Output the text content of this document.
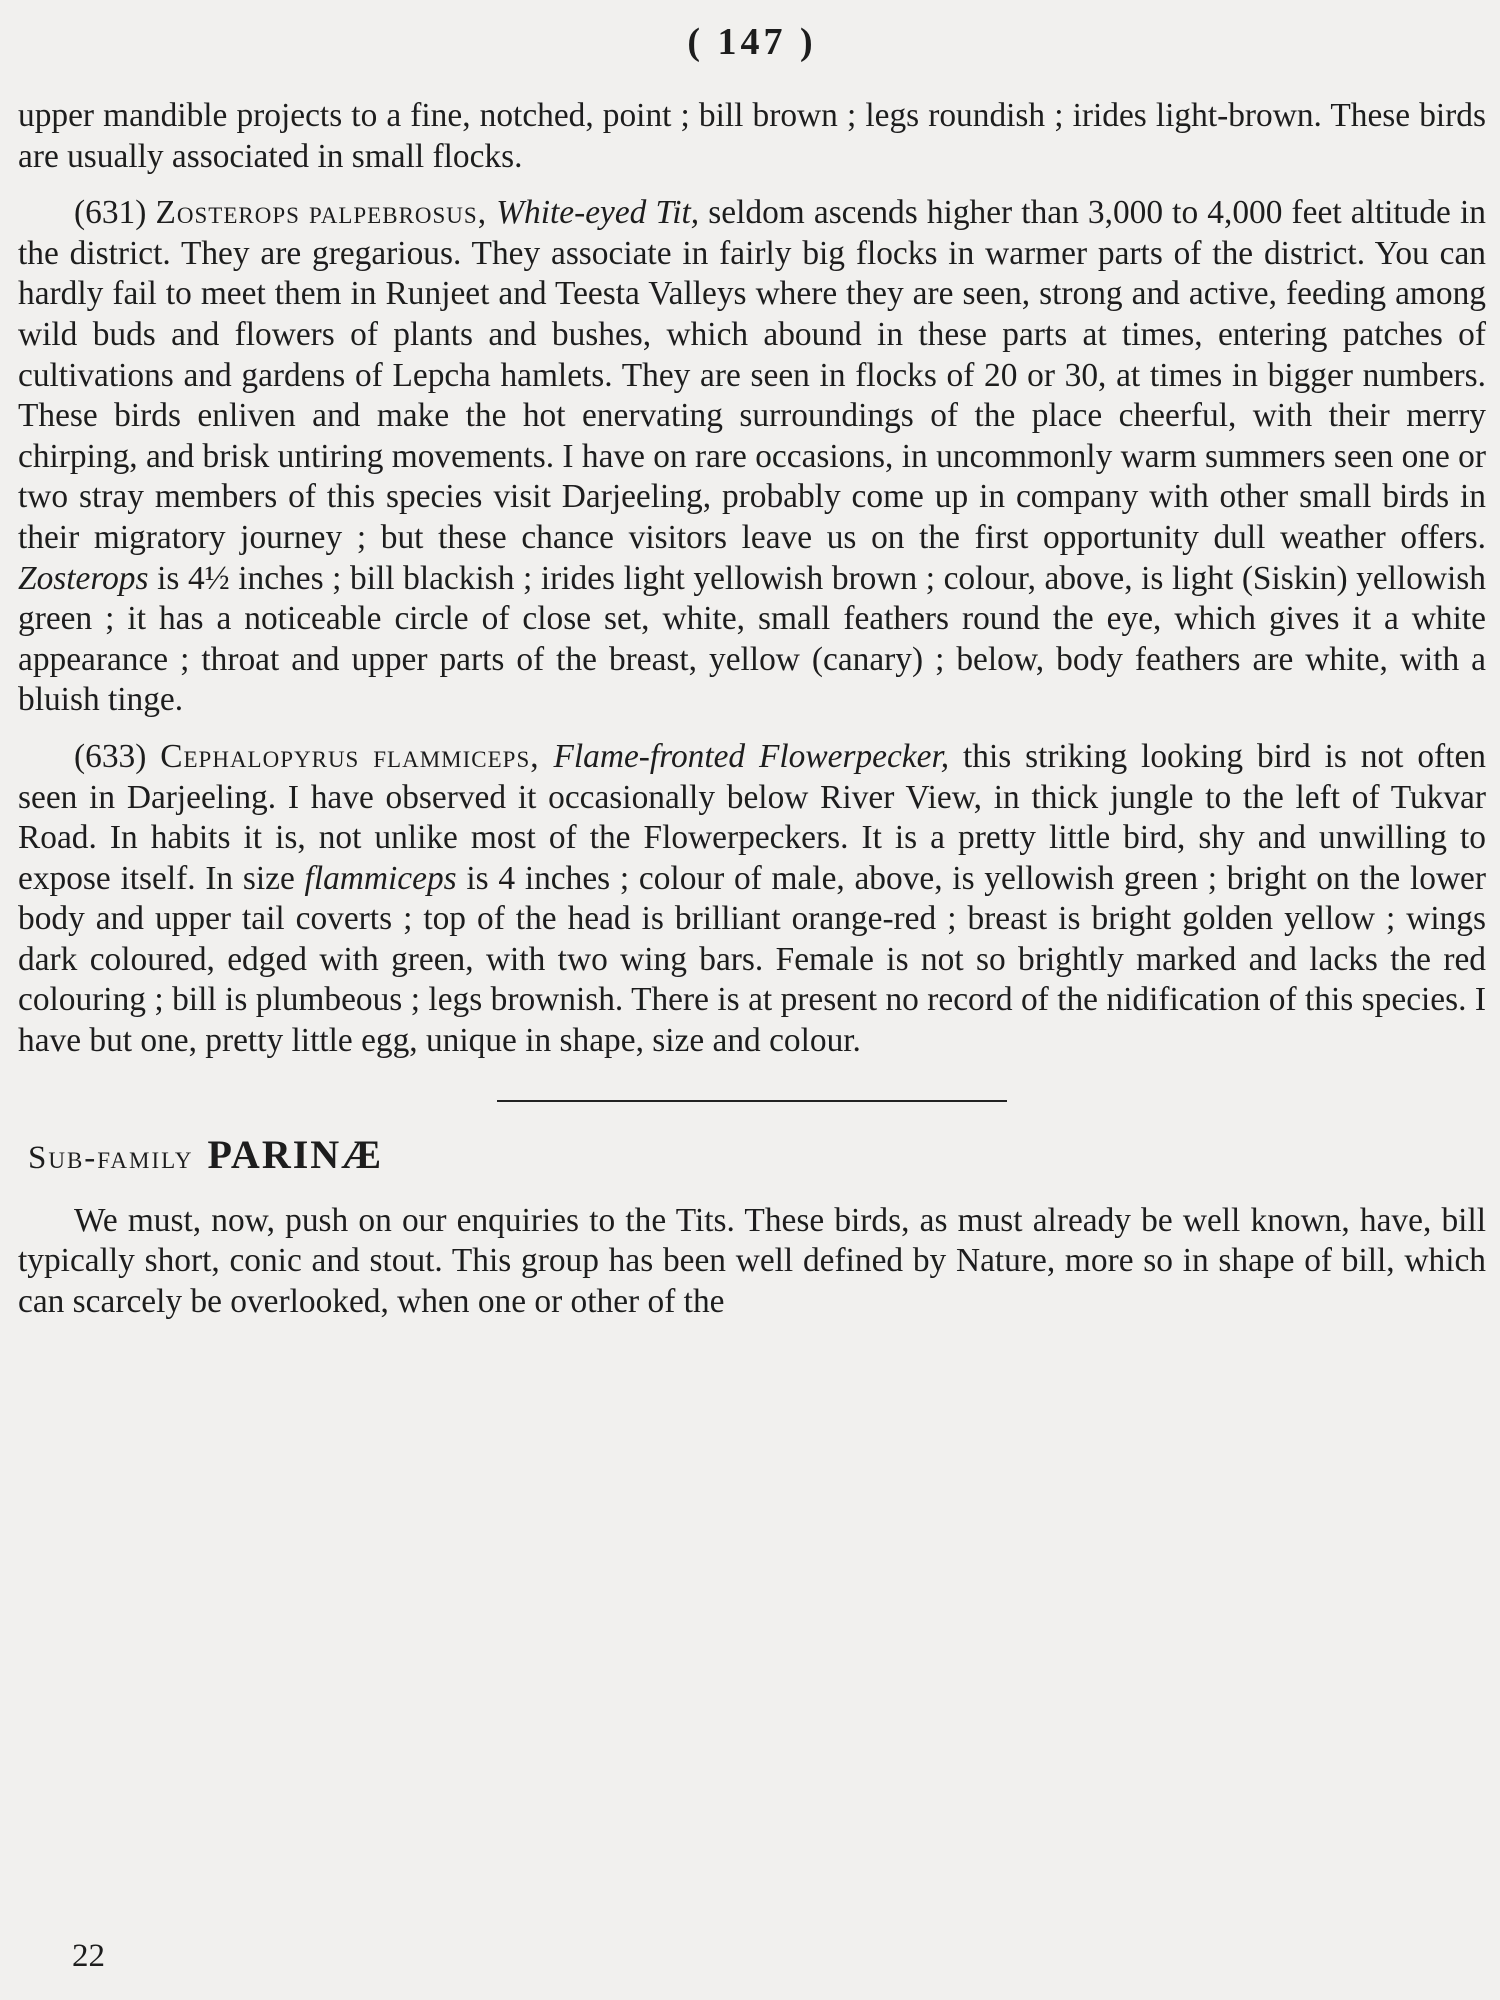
( 147 )

upper mandible projects to a fine, notched, point ; bill brown ; legs roundish ; irides light-brown. These birds are usually associated in small flocks.

(631) Zosterops palpebrosus, White-eyed Tit, seldom ascends higher than 3,000 to 4,000 feet altitude in the district. They are gregarious. They associate in fairly big flocks in warmer parts of the district. You can hardly fail to meet them in Runjeet and Teesta Valleys where they are seen, strong and active, feeding among wild buds and flowers of plants and bushes, which abound in these parts at times, entering patches of cultivations and gardens of Lepcha hamlets. They are seen in flocks of 20 or 30, at times in bigger numbers. These birds enliven and make the hot enervating surroundings of the place cheerful, with their merry chirping, and brisk untiring movements. I have on rare occasions, in uncommonly warm summers seen one or two stray members of this species visit Darjeeling, probably come up in company with other small birds in their migratory journey ; but these chance visitors leave us on the first opportunity dull weather offers. Zosterops is 4½ inches ; bill blackish ; irides light yellowish brown ; colour, above, is light (Siskin) yellowish green ; it has a noticeable circle of close set, white, small feathers round the eye, which gives it a white appearance ; throat and upper parts of the breast, yellow (canary) ; below, body feathers are white, with a bluish tinge.

(633) Cephalopyrus flammiceps, Flame-fronted Flowerpecker, this striking looking bird is not often seen in Darjeeling. I have observed it occasionally below River View, in thick jungle to the left of Tukvar Road. In habits it is, not unlike most of the Flowerpeckers. It is a pretty little bird, shy and unwilling to expose itself. In size flammiceps is 4 inches ; colour of male, above, is yellowish green ; bright on the lower body and upper tail coverts ; top of the head is brilliant orange-red ; breast is bright golden yellow ; wings dark coloured, edged with green, with two wing bars. Female is not so brightly marked and lacks the red colouring ; bill is plumbeous ; legs brownish. There is at present no record of the nidification of this species. I have but one, pretty little egg, unique in shape, size and colour.

Sub-family PARINÆ

We must, now, push on our enquiries to the Tits. These birds, as must already be well known, have, bill typically short, conic and stout. This group has been well defined by Nature, more so in shape of bill, which can scarcely be overlooked, when one or other of the

22
